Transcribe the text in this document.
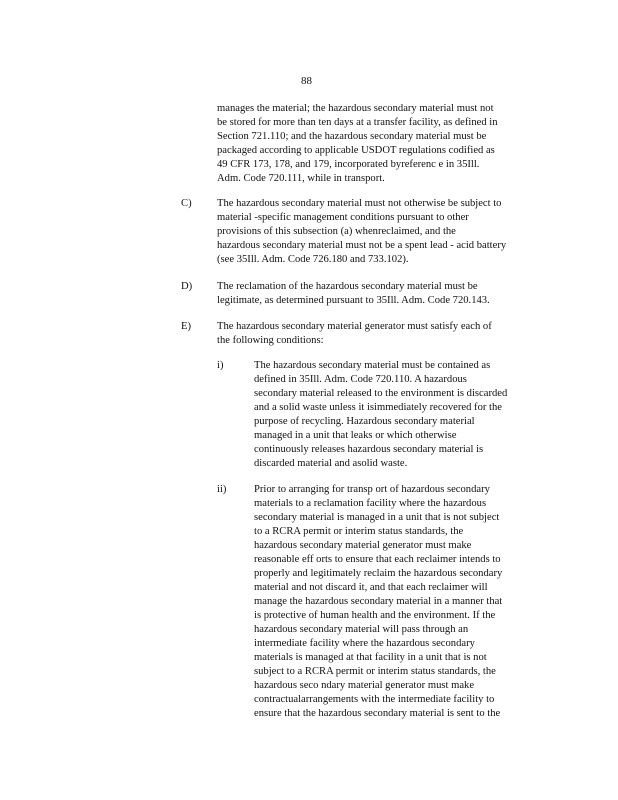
88
manages the material; the hazardous secondary material must not
be stored for more than ten days at a transfer facility, as defined in
Section 721.110; and the hazardous secondary material must be
packaged according to applicable USDOT regulations codified as
49 CFR 173, 178, and 179, incorporated byreferenc e in 35Ill.
Adm. Code 720.111, while in transport.
C) The hazardous secondary material must not otherwise be subject to
material -specific management conditions pursuant to other
provisions of this subsection (a) whenreclaimed, and the
hazardous secondary material must not be a spent lead - acid battery
(see 35Ill. Adm. Code 726.180 and 733.102).
D) The reclamation of the hazardous secondary material must be
legitimate, as determined pursuant to 35Ill. Adm. Code 720.143.
E) The hazardous secondary material generator must satisfy each of
the following conditions:
i)	The hazardous secondary material must be contained as
defined in 35Ill. Adm. Code 720.110. A hazardous
secondary material released to the environment is discarded
and a solid waste unless it isimmediately recovered for the
purpose of recycling. Hazardous secondary material
managed in a unit that leaks or which otherwise
continuously releases hazardous secondary material is
discarded material and asolid waste.
ii)	Prior to arranging for transp ort of hazardous secondary
materials to a reclamation facility where the hazardous
secondary material is managed in a unit that is not subject
to a RCRA permit or interim status standards, the
hazardous secondary material generator must make
reasonable eff orts to ensure that each reclaimer intends to
properly and legitimately reclaim the hazardous secondary
material and not discard it, and that each reclaimer will
manage the hazardous secondary material in a manner that
is protective of human health and the environment. If the
hazardous secondary material will pass through an
intermediate facility where the hazardous secondary
materials is managed at that facility in a unit that is not
subject to a RCRA permit or interim status standards, the
hazardous seco ndary material generator must make
contractualarrangements with the intermediate facility to
ensure that the hazardous secondary material is sent to the
